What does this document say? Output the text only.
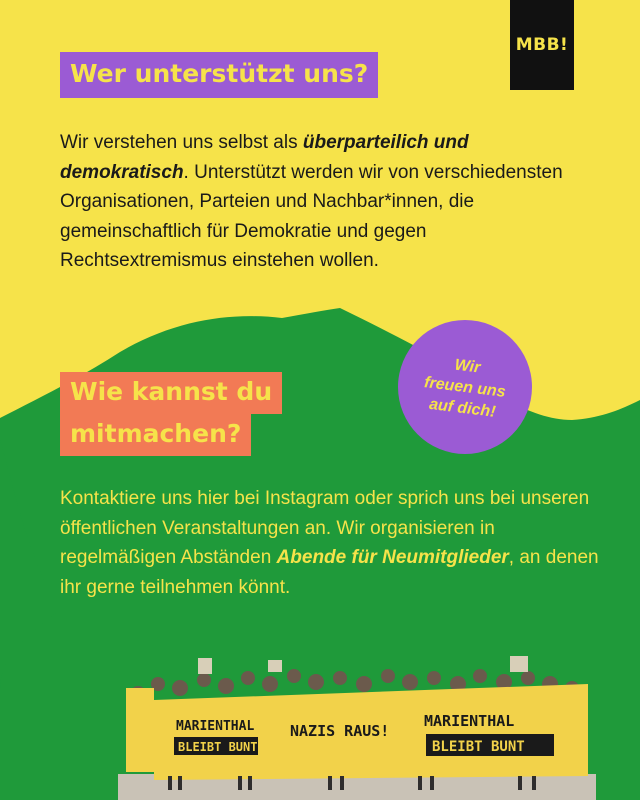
MBB!
Wer unterstützt uns?

Wir verstehen uns selbst als überparteilich und demokratisch. Unterstützt werden wir von verschiedensten Organisationen, Parteien und Nachbar*innen, die gemeinschaftlich für Demokratie und gegen Rechtsextremismus einstehen wollen.

Wie kannst du
mitmachen?
Wir
freuen uns
auf dich!

Kontaktiere uns hier bei Instagram oder sprich uns bei unseren öffentlichen Veranstaltungen an. Wir organisieren in regelmäßigen Abständen Abende für Neumitglieder, an denen ihr gerne teilnehmen könnt.

MARIENTHAL
BLEIBT BUNT
NAZIS RAUS!
MARIENTHAL
BLEIBT BUNT
